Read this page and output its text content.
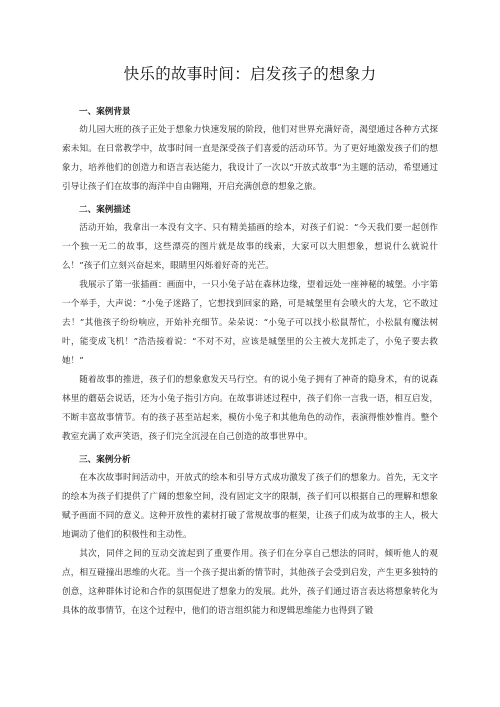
快乐的故事时间：启发孩子的想象力
一、案例背景

幼儿园大班的孩子正处于想象力快速发展的阶段，他们对世界充满好奇，渴望通过各种方式探索未知。在日常教学中，故事时间一直是深受孩子们喜爱的活动环节。为了更好地激发孩子们的想象力，培养他们的创造力和语言表达能力，我设计了一次以“开放式故事”为主题的活动，希望通过引导让孩子们在故事的海洋中自由翱翔，开启充满创意的想象之旅。

二、案例描述

活动开始，我拿出一本没有文字、只有精美插画的绘本，对孩子们说：“今天我们要一起创作一个独一无二的故事，这些漂亮的图片就是故事的线索，大家可以大胆想象，想说什么就说什么！”孩子们立刻兴奋起来，眼睛里闪烁着好奇的光芒。

我展示了第一张插画：画面中，一只小兔子站在森林边缘，望着远处一座神秘的城堡。小宇第一个举手，大声说：“小兔子迷路了，它想找到回家的路，可是城堡里有会喷火的大龙，它不敢过去！”其他孩子纷纷响应，开始补充细节。朵朵说：“小兔子可以找小松鼠帮忙，小松鼠有魔法树叶，能变成飞机！”浩浩接着说：“不对不对，应该是城堡里的公主被大龙抓走了，小兔子要去救她！”

随着故事的推进，孩子们的想象愈发天马行空。有的说小兔子拥有了神奇的隐身术，有的说森林里的蘑菇会说话，还为小兔子指引方向。在故事讲述过程中，孩子们你一言我一语，相互启发，不断丰富故事情节。有的孩子甚至站起来，模仿小兔子和其他角色的动作，表演得惟妙惟肖。整个教室充满了欢声笑语，孩子们完全沉浸在自己创造的故事世界中。

三、案例分析

在本次故事时间活动中，开放式的绘本和引导方式成功激发了孩子们的想象力。首先，无文字的绘本为孩子们提供了广阔的想象空间，没有固定文字的限制，孩子们可以根据自己的理解和想象赋予画面不同的意义。这种开放性的素材打破了常规故事的框架，让孩子们成为故事的主人，极大地调动了他们的积极性和主动性。

其次，同伴之间的互动交流起到了重要作用。孩子们在分享自己想法的同时，倾听他人的观点，相互碰撞出思维的火花。当一个孩子提出新的情节时，其他孩子会受到启发，产生更多独特的创意，这种群体讨论和合作的氛围促进了想象力的发展。此外，孩子们通过语言表达将想象转化为具体的故事情节，在这个过程中，他们的语言组织能力和逻辑思维能力也得到了锻
